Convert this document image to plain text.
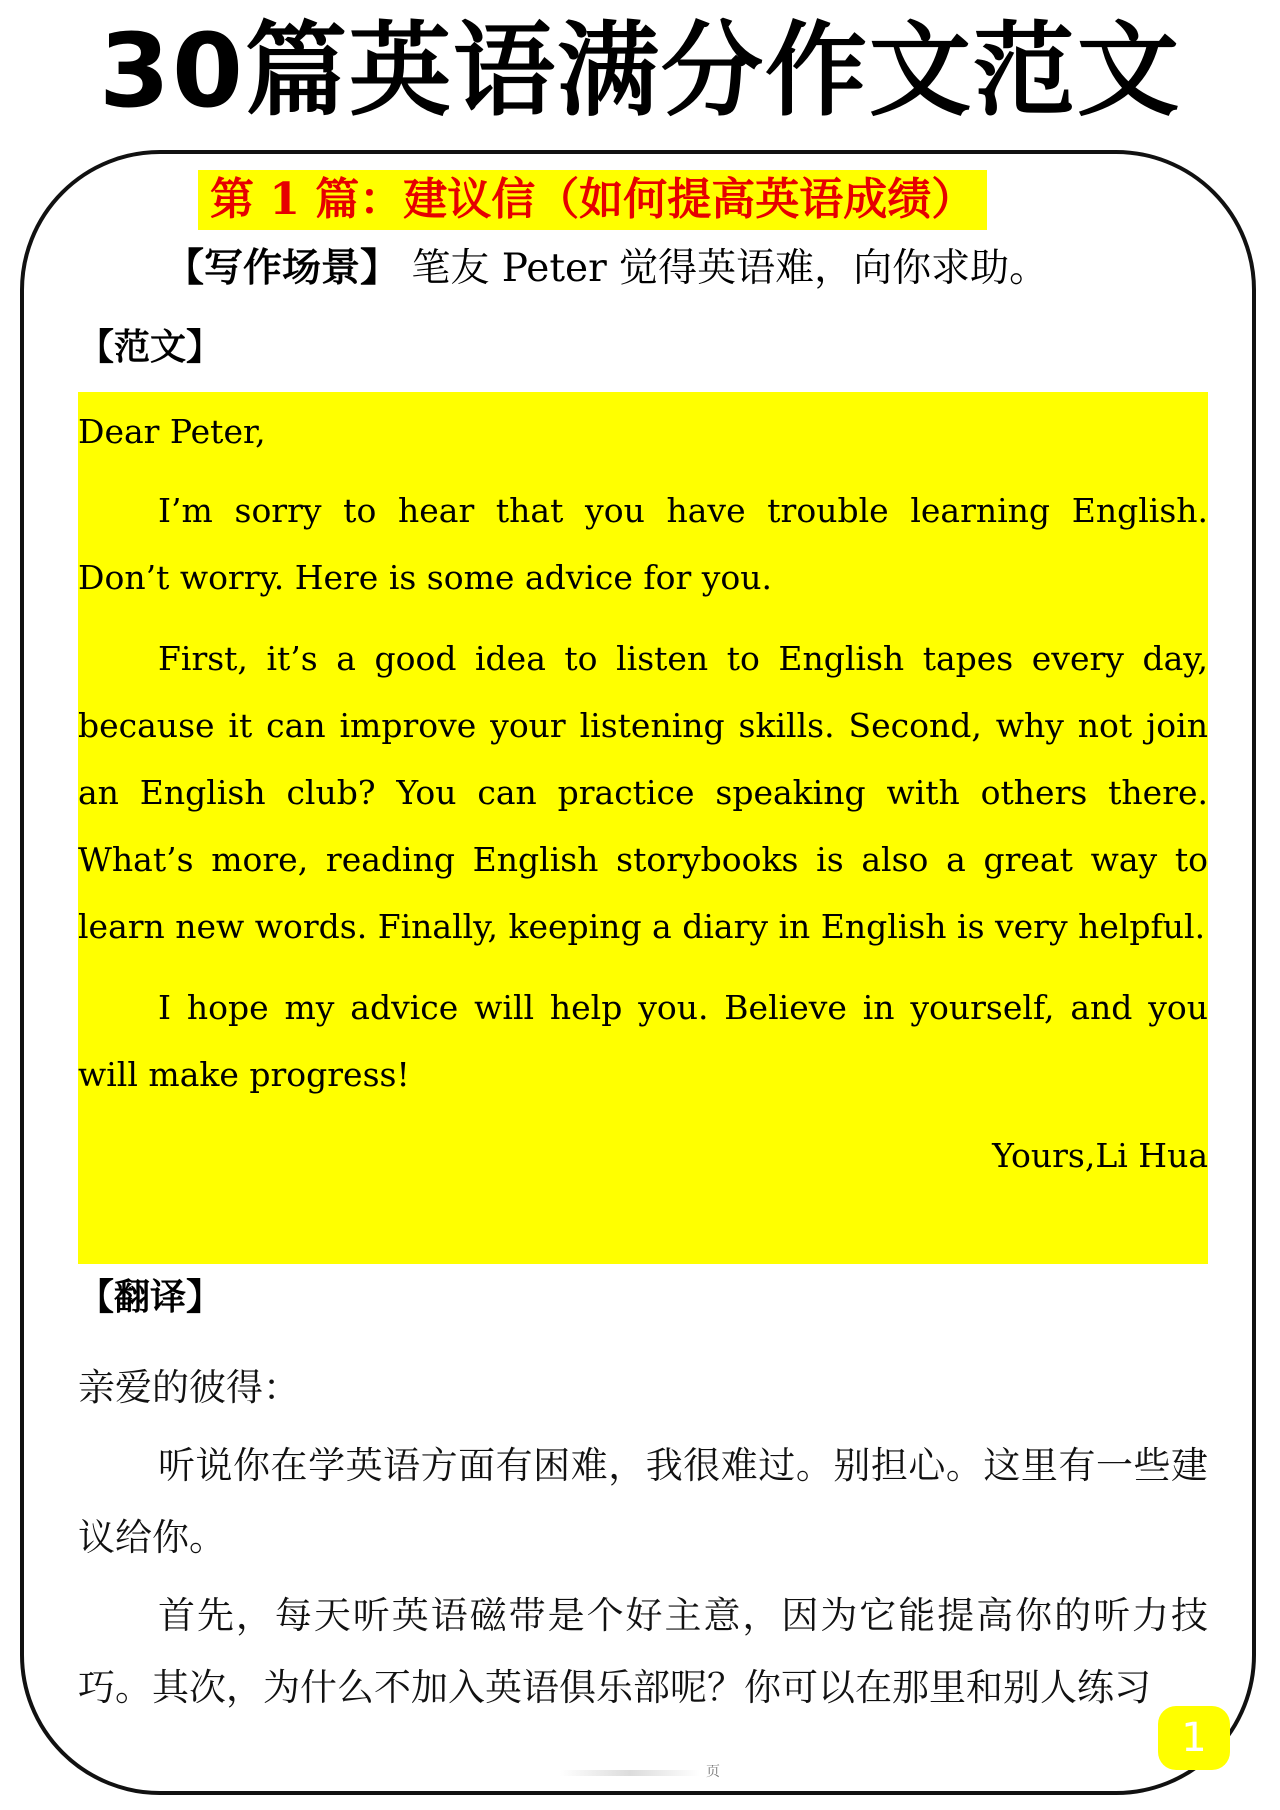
30篇英语满分作文范文
第 1 篇：建议信（如何提高英语成绩）
【写作场景】 笔友 Peter 觉得英语难，向你求助。
【范文】

Dear Peter,

I’m sorry to hear that you have trouble learning English. Don’t worry. Here is some advice for you.

First, it’s a good idea to listen to English tapes every day, because it can improve your listening skills. Second, why not join an English club? You can practice speaking with others there. What’s more, reading English storybooks is also a great way to learn new words. Finally, keeping a diary in English is very helpful.

I hope my advice will help you. Believe in yourself, and you will make progress!

Yours,Li Hua

【翻译】

亲爱的彼得：

听说你在学英语方面有困难，我很难过。别担心。这里有一些建议给你。

首先，每天听英语磁带是个好主意，因为它能提高你的听力技巧。其次，为什么不加入英语俱乐部呢？你可以在那里和别人练习

1
页
